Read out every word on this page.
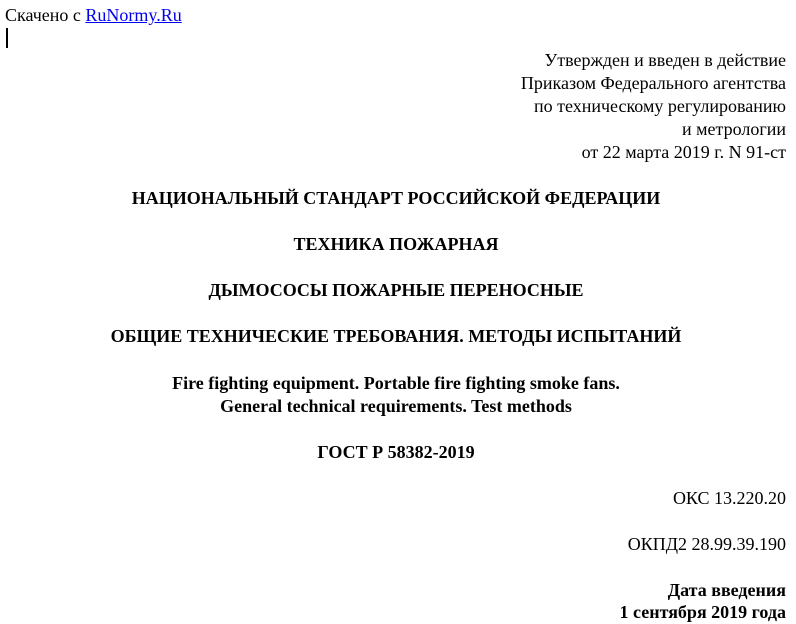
Скачено с RuNormy.Ru
Утвержден и введен в действие
Приказом Федерального агентства
по техническому регулированию
и метрологии
от 22 марта 2019 г. N 91-ст
НАЦИОНАЛЬНЫЙ СТАНДАРТ РОССИЙСКОЙ ФЕДЕРАЦИИ
ТЕХНИКА ПОЖАРНАЯ
ДЫМОСОСЫ ПОЖАРНЫЕ ПЕРЕНОСНЫЕ
ОБЩИЕ ТЕХНИЧЕСКИЕ ТРЕБОВАНИЯ. МЕТОДЫ ИСПЫТАНИЙ
Fire fighting equipment. Portable fire fighting smoke fans.
General technical requirements. Test methods
ГОСТ Р 58382-2019
ОКС 13.220.20
ОКПД2 28.99.39.190
Дата введения
1 сентября 2019 года
